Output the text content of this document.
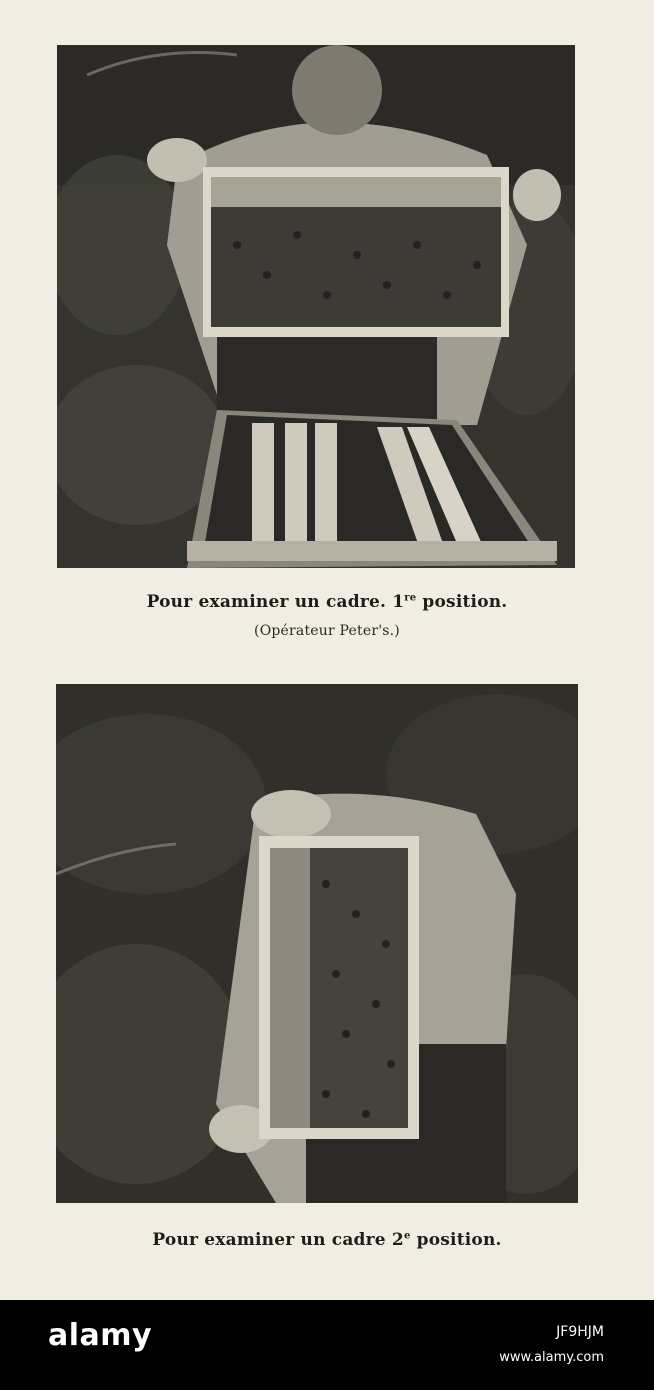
Pour examiner un cadre. 1re position.
(Opérateur Peter's.)
Pour examiner un cadre 2e position.
alamy	JF9HJM
www.alamy.com
